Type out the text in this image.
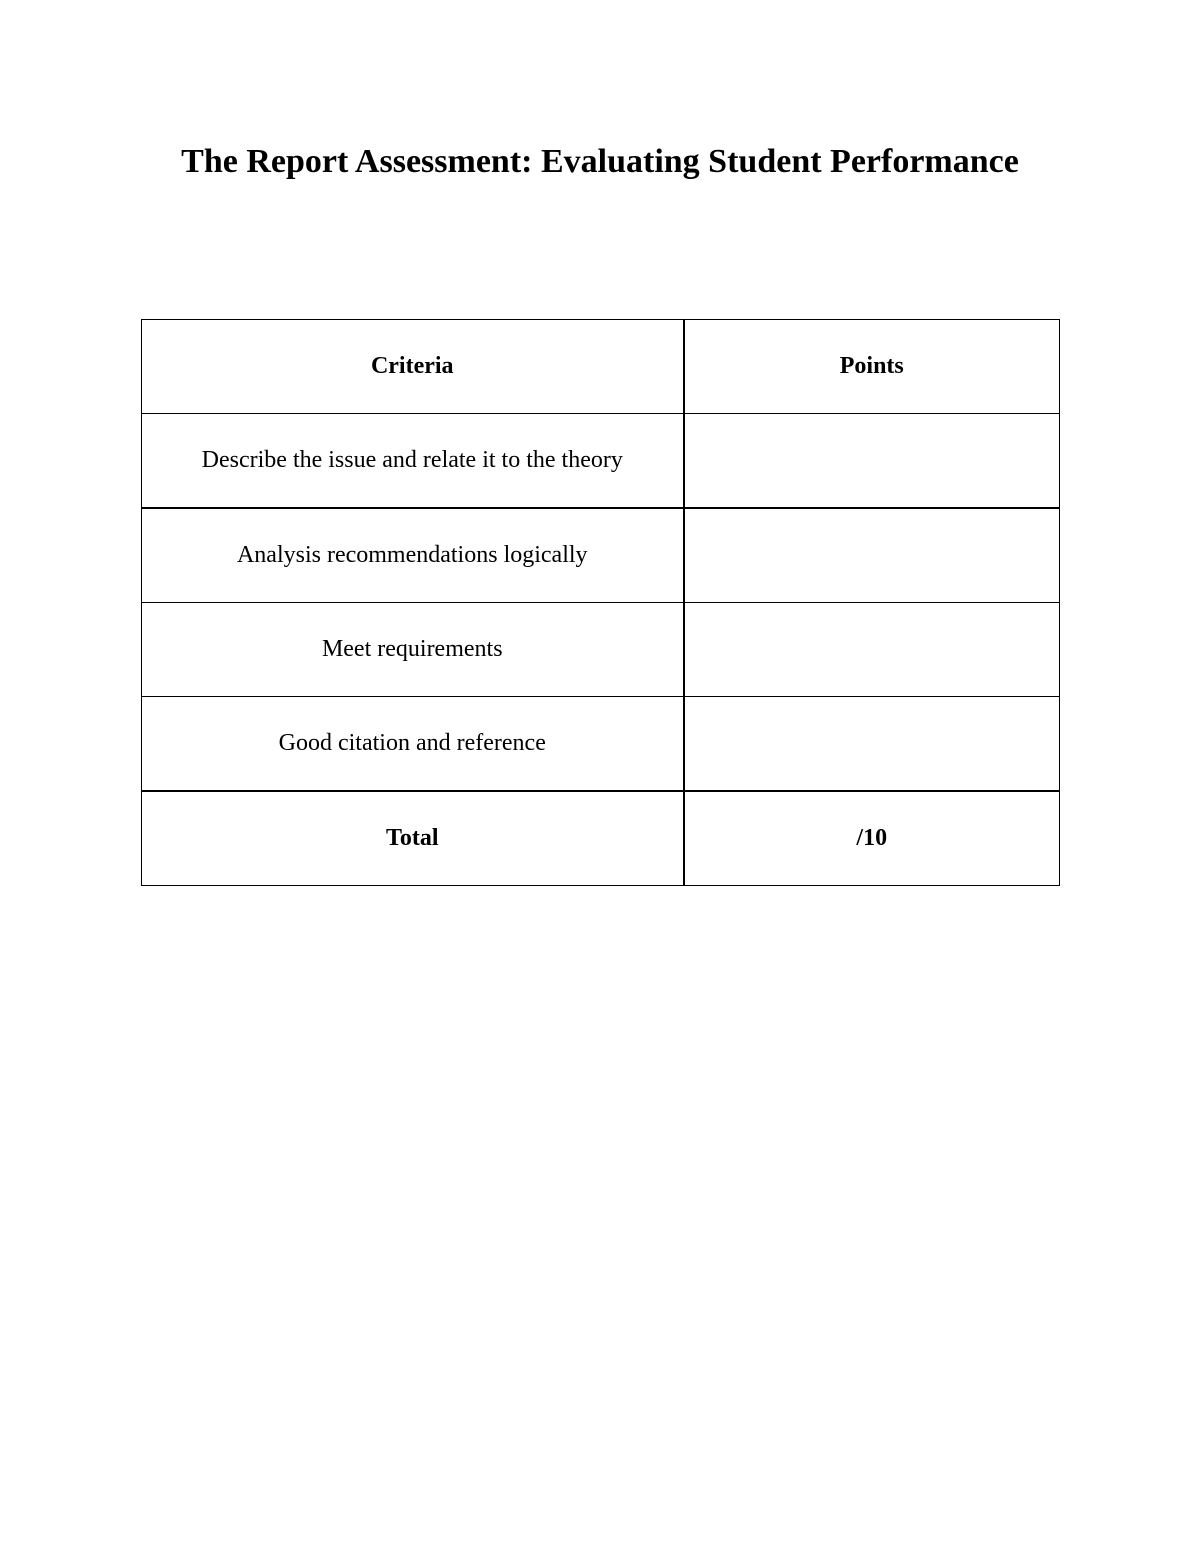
The Report Assessment: Evaluating Student Performance
Criteria	Points
Describe the issue and relate it to the theory	
Analysis recommendations logically	
Meet requirements	
Good citation and reference	
Total	/10
